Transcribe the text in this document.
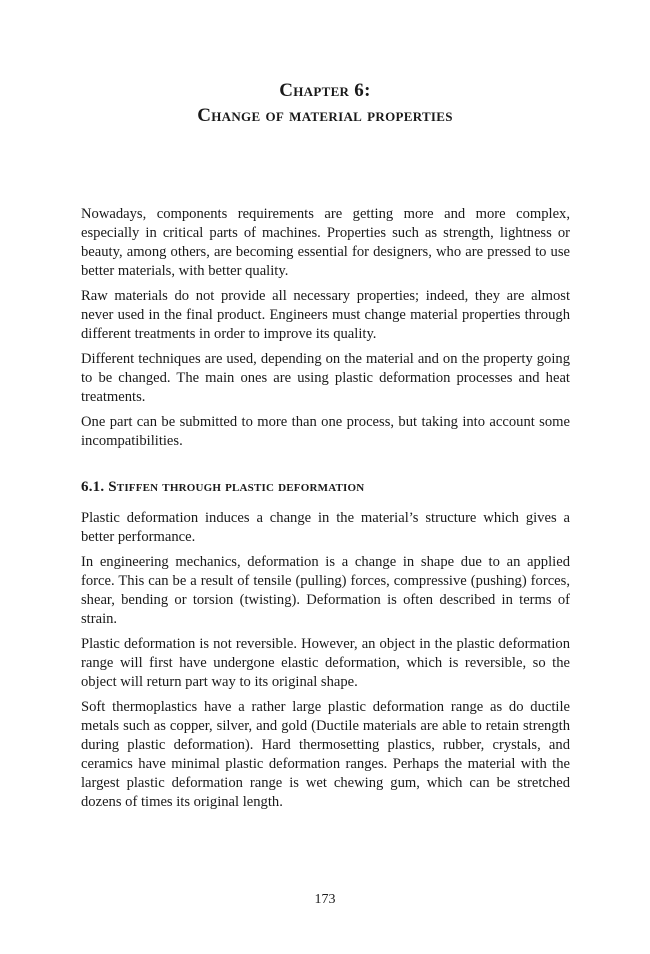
Chapter 6:
Change of material properties

Nowadays, components requirements are getting more and more complex, especially in critical parts of machines. Properties such as strength, lightness or beauty, among others, are becoming essential for designers, who are pressed to use better materials, with better quality.

Raw materials do not provide all necessary properties; indeed, they are almost never used in the final product. Engineers must change material properties through different treatments in order to improve its quality.

Different techniques are used, depending on the material and on the property going to be changed. The main ones are using plastic deformation processes and heat treatments.

One part can be submitted to more than one process, but taking into account some incompatibilities.

6.1. Stiffen through plastic deformation

Plastic deformation induces a change in the material’s structure which gives a better performance.

In engineering mechanics, deformation is a change in shape due to an applied force. This can be a result of tensile (pulling) forces, compressive (pushing) forces, shear, bending or torsion (twisting). Deformation is often described in terms of strain.

Plastic deformation is not reversible. However, an object in the plastic deformation range will first have undergone elastic deformation, which is reversible, so the object will return part way to its original shape.

Soft thermoplastics have a rather large plastic deformation range as do ductile metals such as copper, silver, and gold (Ductile materials are able to retain strength during plastic deformation). Hard thermosetting plastics, rubber, crystals, and ceramics have minimal plastic deformation ranges. Perhaps the material with the largest plastic deformation range is wet chewing gum, which can be stretched dozens of times its original length.

173
